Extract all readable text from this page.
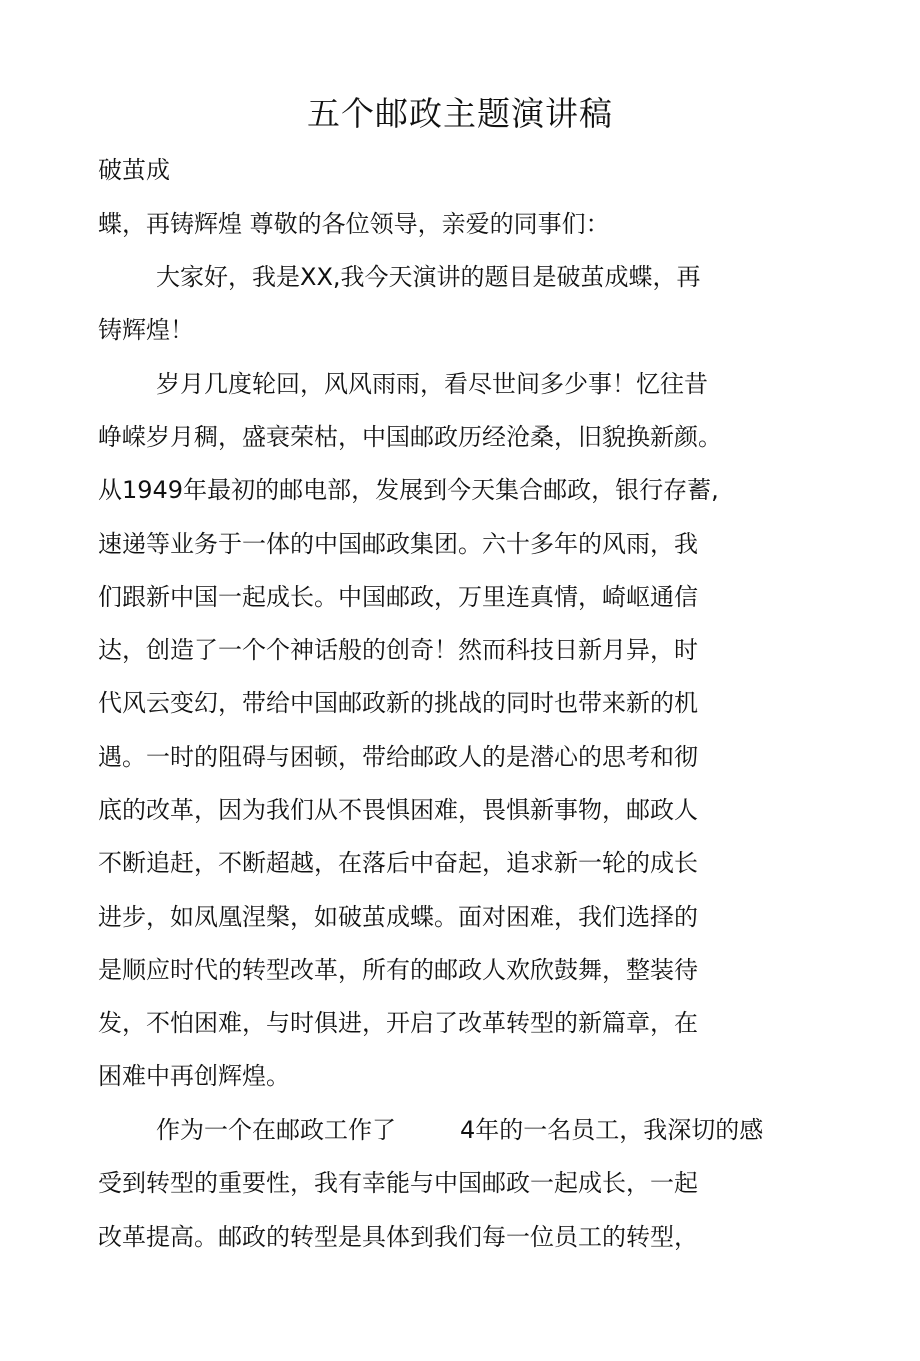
五个邮政主题演讲稿

破茧成

蝶，再铸辉煌 尊敬的各位领导，亲爱的同事们：

大家好，我是XX,我今天演讲的题目是破茧成蝶，再

铸辉煌！

岁月几度轮回，风风雨雨，看尽世间多少事！忆往昔

峥嵘岁月稠，盛衰荣枯，中国邮政历经沧桑，旧貌换新颜。

从1949年最初的邮电部，发展到今天集合邮政，银行存蓄,

速递等业务于一体的中国邮政集团。六十多年的风雨，我

们跟新中国一起成长。中国邮政，万里连真情，崎岖通信

达，创造了一个个神话般的创奇！然而科技日新月异，时

代风云变幻，带给中国邮政新的挑战的同时也带来新的机

遇。一时的阻碍与困顿，带给邮政人的是潜心的思考和彻

底的改革，因为我们从不畏惧困难，畏惧新事物，邮政人

不断追赶，不断超越，在落后中奋起，追求新一轮的成长

进步，如凤凰涅槃，如破茧成蝶。面对困难，我们选择的

是顺应时代的转型改革，所有的邮政人欢欣鼓舞，整装待

发，不怕困难，与时俱进，开启了改革转型的新篇章，在

困难中再创辉煌。

作为一个在邮政工作了	4年的一名员工，我深切的感

受到转型的重要性，我有幸能与中国邮政一起成长，一起

改革提高。邮政的转型是具体到我们每一位员工的转型，
